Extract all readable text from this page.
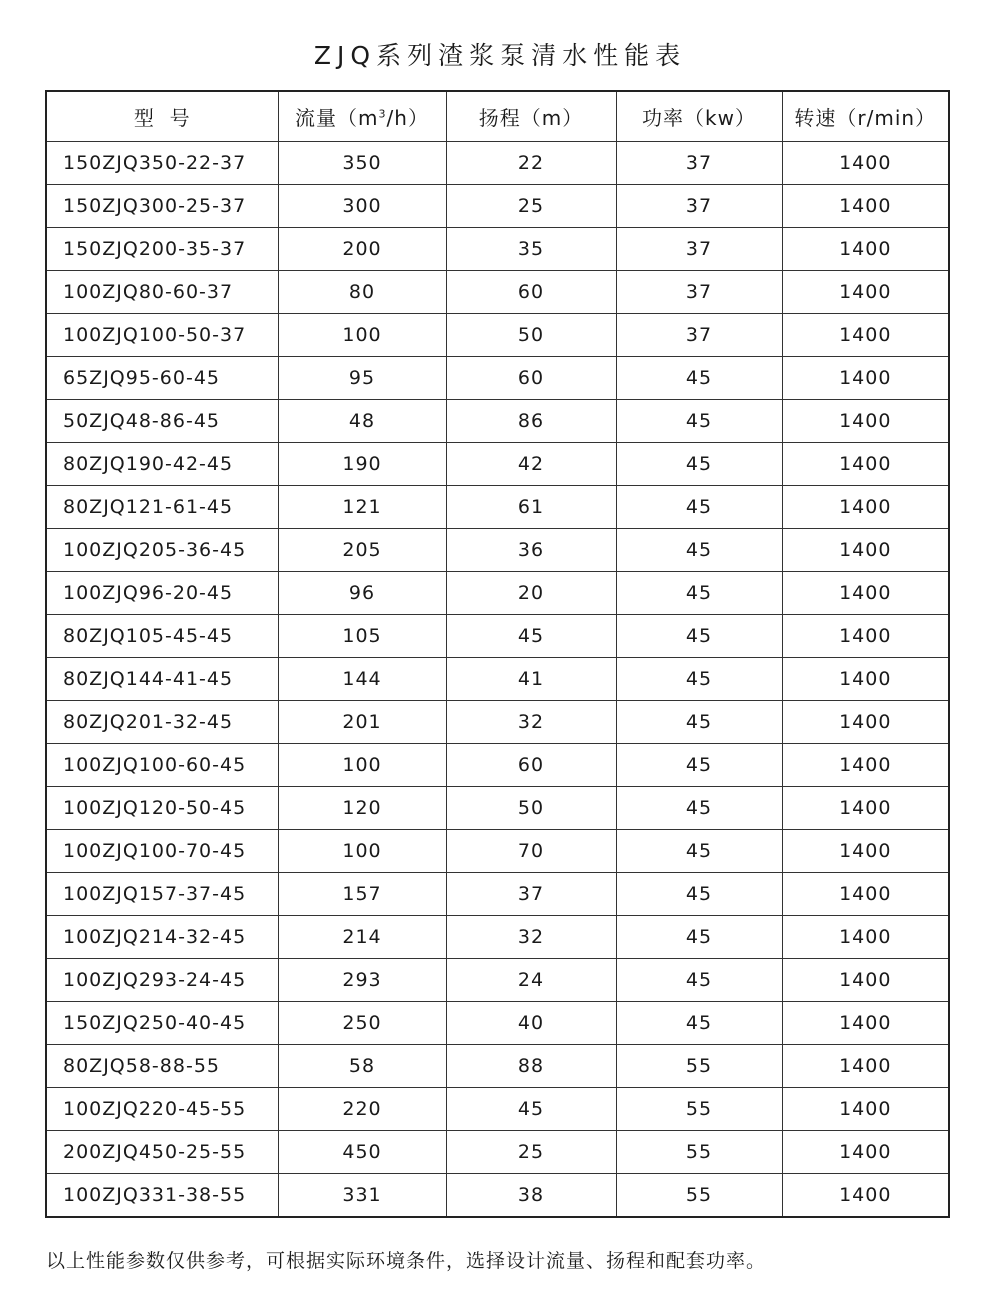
ZJQ系列渣浆泵清水性能表
型  号	流量$(m^3/h)$	扬程（m）	功率（kw）	转速（r/min）
150ZJQ350-22-37	350	22	37	1400
150ZJQ300-25-37	300	25	37	1400
150ZJQ200-35-37	200	35	37	1400
100ZJQ80-60-37	80	60	37	1400
100ZJQ100-50-37	100	50	37	1400
65ZJQ95-60-45	95	60	45	1400
50ZJQ48-86-45	48	86	45	1400
80ZJQ190-42-45	190	42	45	1400
80ZJQ121-61-45	121	61	45	1400
100ZJQ205-36-45	205	36	45	1400
100ZJQ96-20-45	96	20	45	1400
80ZJQ105-45-45	105	45	45	1400
80ZJQ144-41-45	144	41	45	1400
80ZJQ201-32-45	201	32	45	1400
100ZJQ100-60-45	100	60	45	1400
100ZJQ120-50-45	120	50	45	1400
100ZJQ100-70-45	100	70	45	1400
100ZJQ157-37-45	157	37	45	1400
100ZJQ214-32-45	214	32	45	1400
100ZJQ293-24-45	293	24	45	1400
150ZJQ250-40-45	250	40	45	1400
80ZJQ58-88-55	58	88	55	1400
100ZJQ220-45-55	220	45	55	1400
200ZJQ450-25-55	450	25	55	1400
100ZJQ331-38-55	331	38	55	1400
以上性能参数仅供参考，可根据实际环境条件，选择设计流量、扬程和配套功率。
